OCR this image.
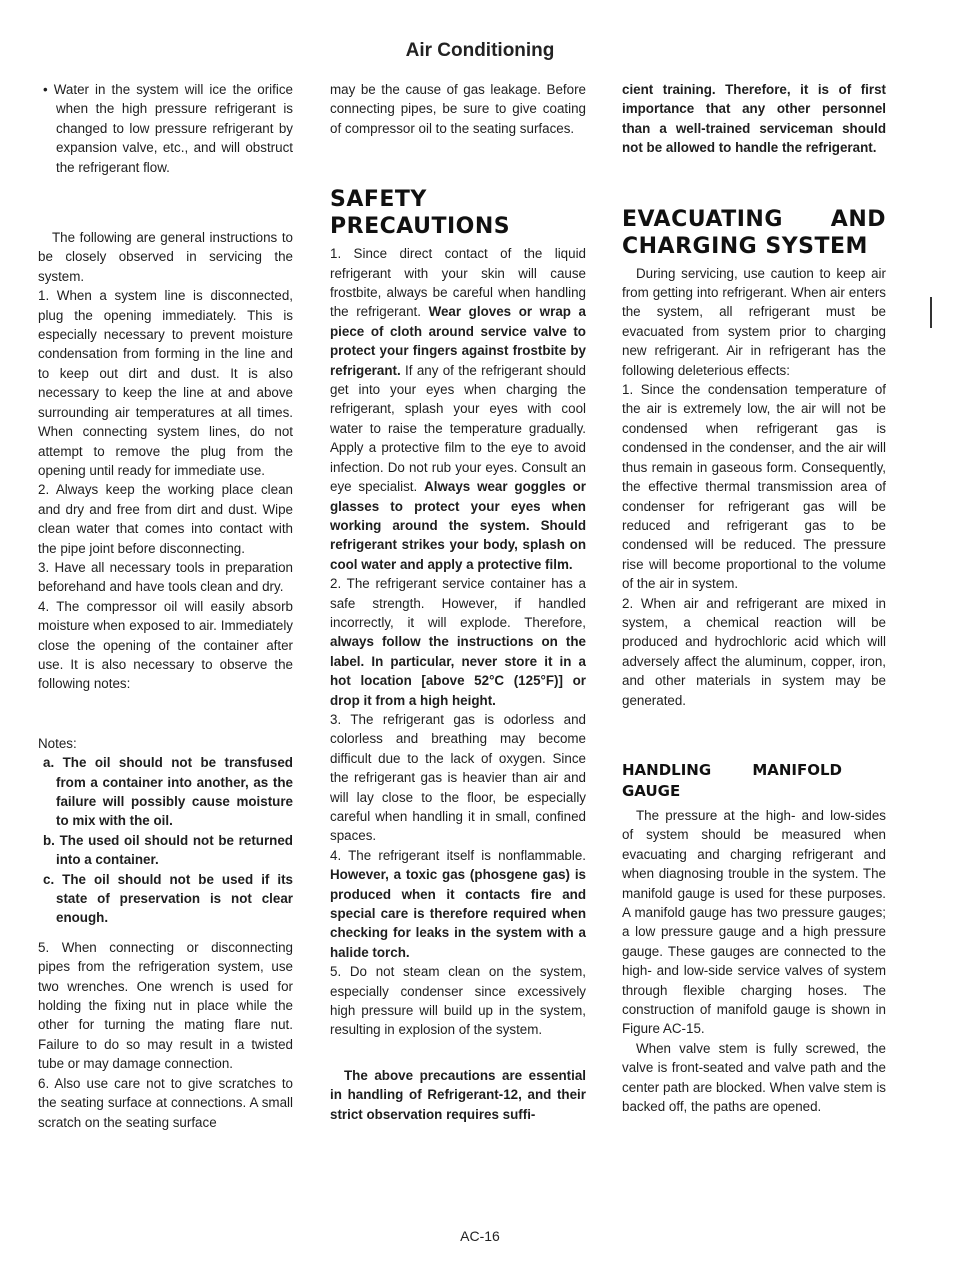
Air Conditioning

• Water in the system will ice the orifice when the high pressure refrigerant is changed to low pressure refrigerant by expansion valve, etc., and will obstruct the refrigerant flow.

The following are general instructions to be closely observed in servicing the system.

1. When a system line is disconnected, plug the opening immediately. This is especially necessary to prevent moisture condensation from forming in the line and to keep out dirt and dust. It is also necessary to keep the line at and above surrounding air temperatures at all times. When connecting system lines, do not attempt to remove the plug from the opening until ready for immediate use.

2. Always keep the working place clean and dry and free from dirt and dust. Wipe clean water that comes into contact with the pipe joint before disconnecting.

3. Have all necessary tools in preparation beforehand and have tools clean and dry.

4. The compressor oil will easily absorb moisture when exposed to air. Immediately close the opening of the container after use. It is also necessary to observe the following notes:

Notes:

a. The oil should not be transfused from a container into another, as the failure will possibly cause moisture to mix with the oil.

b. The used oil should not be returned into a container.

c. The oil should not be used if its state of preservation is not clear enough.

5. When connecting or disconnecting pipes from the refrigeration system, use two wrenches. One wrench is used for holding the fixing nut in place while the other for turning the mating flare nut. Failure to do so may result in a twisted tube or may damage connection.

6. Also use care not to give scratches to the seating surface at connections. A small scratch on the seating surface

may be the cause of gas leakage. Before connecting pipes, be sure to give coating of compressor oil to the seating surfaces.

SAFETY PRECAUTIONS

1. Since direct contact of the liquid refrigerant with your skin will cause frostbite, always be careful when handling the refrigerant. Wear gloves or wrap a piece of cloth around service valve to protect your fingers against frostbite by refrigerant. If any of the refrigerant should get into your eyes when charging the refrigerant, splash your eyes with cool water to raise the temperature gradually. Apply a protective film to the eye to avoid infection. Do not rub your eyes. Consult an eye specialist. Always wear goggles or glasses to protect your eyes when working around the system. Should refrigerant strikes your body, splash on cool water and apply a protective film.

2. The refrigerant service container has a safe strength. However, if handled incorrectly, it will explode. Therefore, always follow the instructions on the label. In particular, never store it in a hot location [above 52°C (125°F)] or drop it from a high height.

3. The refrigerant gas is odorless and colorless and breathing may become difficult due to the lack of oxygen. Since the refrigerant gas is heavier than air and will lay close to the floor, be especially careful when handling it in small, confined spaces.

4. The refrigerant itself is nonflammable. However, a toxic gas (phosgene gas) is produced when it contacts fire and special care is therefore required when checking for leaks in the system with a halide torch.

5. Do not steam clean on the system, especially condenser since excessively high pressure will build up in the system, resulting in explosion of the system.

The above precautions are essential in handling of Refrigerant-12, and their strict observation requires suffi-

cient training. Therefore, it is of first importance that any other personnel than a well-trained serviceman should not be allowed to handle the refrigerant.

EVACUATING AND CHARGING SYSTEM

During servicing, use caution to keep air from getting into refrigerant. When air enters the system, all refrigerant must be evacuated from system prior to charging new refrigerant. Air in refrigerant has the following deleterious effects:

1. Since the condensation temperature of the air is extremely low, the air will not be condensed when refrigerant gas is condensed in the condenser, and the air will thus remain in gaseous form. Consequently, the effective thermal transmission area of condenser for refrigerant gas will be reduced and refrigerant gas to be condensed will be reduced. The pressure rise will become proportional to the volume of the air in system.

2. When air and refrigerant are mixed in system, a chemical reaction will be produced and hydrochloric acid which will adversely affect the aluminum, copper, iron, and other materials in system may be generated.

HANDLING MANIFOLD GAUGE

The pressure at the high- and low-sides of system should be measured when evacuating and charging refrigerant and when diagnosing trouble in the system. The manifold gauge is used for these purposes. A manifold gauge has two pressure gauges; a low pressure gauge and a high pressure gauge. These gauges are connected to the high- and low-side service valves of system through flexible charging hoses. The construction of manifold gauge is shown in Figure AC-15.

When valve stem is fully screwed, the valve is front-seated and valve path and the center path are blocked. When valve stem is backed off, the paths are opened.

AC-16
